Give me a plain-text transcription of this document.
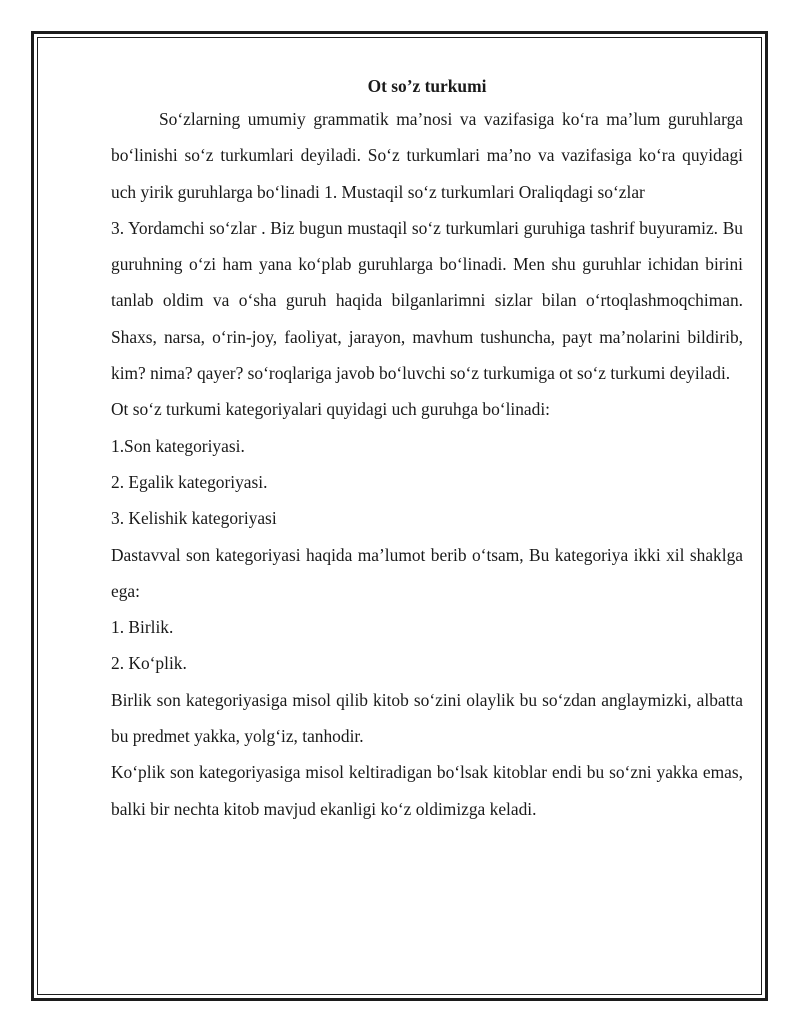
Ot so’z turkumi

So‘zlarning umumiy grammatik ma’nosi va vazifasiga ko‘ra ma’lum guruhlarga bo‘linishi so‘z turkumlari deyiladi. So‘z turkumlari ma’no va vazifasiga ko‘ra quyidagi uch yirik guruhlarga bo‘linadi 1. Mustaqil so‘z turkumlari Oraliqdagi so‘zlar

3. Yordamchi so‘zlar . Biz bugun mustaqil so‘z turkumlari guruhiga tashrif buyuramiz. Bu guruhning o‘zi ham yana ko‘plab guruhlarga bo‘linadi. Men shu guruhlar ichidan birini tanlab oldim va o‘sha guruh haqida bilganlarimni sizlar bilan o‘rtoqlashmoqchiman. Shaxs, narsa, o‘rin-joy, faoliyat, jarayon, mavhum tushuncha, payt ma’nolarini bildirib, kim? nima? qayer? so‘roqlariga javob bo‘luvchi so‘z turkumiga ot so‘z turkumi deyiladi.

Ot so‘z turkumi kategoriyalari quyidagi uch guruhga bo‘linadi:

1.Son kategoriyasi.

2. Egalik kategoriyasi.

3. Kelishik kategoriyasi

Dastavval son kategoriyasi haqida ma’lumot berib o‘tsam, Bu kategoriya ikki xil shaklga ega:

1. Birlik.

2. Ko‘plik.

Birlik son kategoriyasiga misol qilib kitob so‘zini olaylik bu so‘zdan anglaymizki, albatta bu predmet yakka, yolg‘iz, tanhodir.

Ko‘plik son kategoriyasiga misol keltiradigan bo‘lsak kitoblar endi bu so‘zni yakka emas, balki bir nechta kitob mavjud ekanligi ko‘z oldimizga keladi.
